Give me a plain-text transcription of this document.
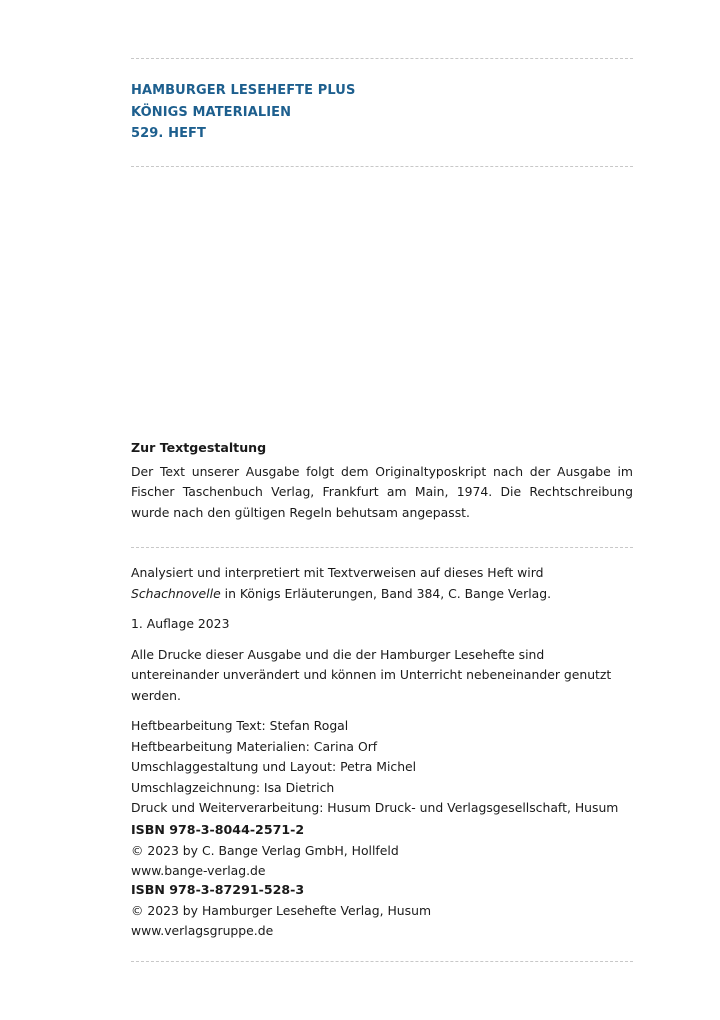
HAMBURGER LESEHEFTE PLUS
KÖNIGS MATERIALIEN
529. HEFT
Zur Textgestaltung
Der Text unserer Ausgabe folgt dem Originaltyposkript nach der Ausgabe im Fischer Taschenbuch Verlag, Frankfurt am Main, 1974. Die Rechtschreibung wurde nach den gültigen Regeln behutsam angepasst.

Analysiert und interpretiert mit Textverweisen auf dieses Heft wird Schachnovelle in Königs Erläuterungen, Band 384, C. Bange Verlag.

1. Auflage 2023

Alle Drucke dieser Ausgabe und die der Hamburger Lesehefte sind untereinander unverändert und können im Unterricht nebeneinander genutzt werden.

Heftbearbeitung Text: Stefan Rogal
Heftbearbeitung Materialien: Carina Orf
Umschlaggestaltung und Layout: Petra Michel
Umschlagzeichnung: Isa Dietrich
Druck und Weiterverarbeitung: Husum Druck- und Verlagsgesellschaft, Husum
ISBN 978-3-8044-2571-2
© 2023 by C. Bange Verlag GmbH, Hollfeld
www.bange-verlag.de
ISBN 978-3-87291-528-3
© 2023 by Hamburger Lesehefte Verlag, Husum
www.verlagsgruppe.de
